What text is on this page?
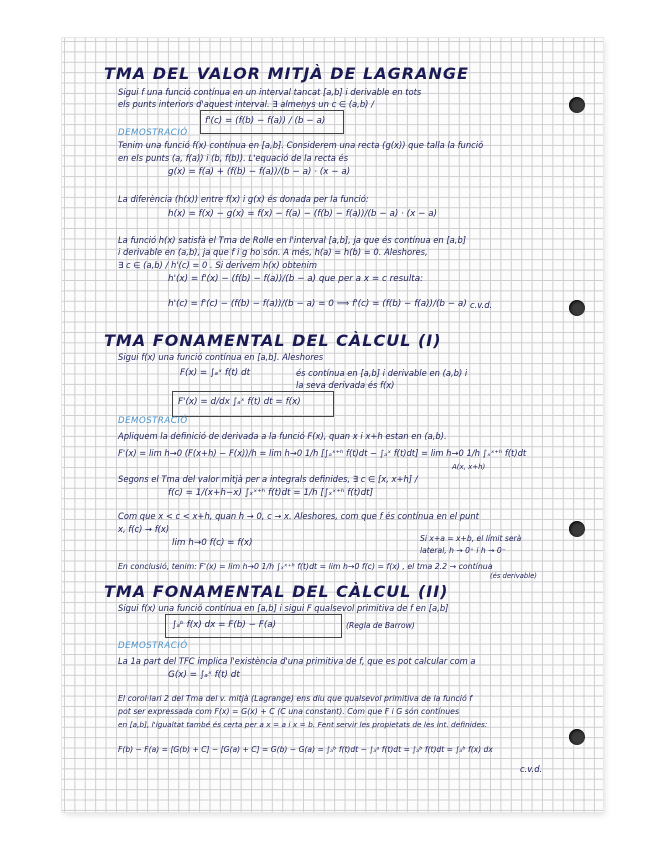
TMA DEL VALOR MITJÀ DE LAGRANGE
Sigui f una funció contínua en un interval tancat [a,b] i derivable en tots
els punts interiors d'aquest interval. ∃ almenys un c ∈ (a,b) /
f'(c) = (f(b) − f(a)) / (b − a)
DEMOSTRACIÓ
Tenim una funció f(x) contínua en [a,b]. Considerem una recta (g(x)) que talla la funció
en els punts (a, f(a)) i (b, f(b)). L'equació de la recta és
g(x) = f(a) + (f(b) − f(a))/(b − a) · (x − a)
La diferència (h(x)) entre f(x) i g(x) és donada per la funció:
h(x) = f(x) − g(x) = f(x) − f(a) − (f(b) − f(a))/(b − a) · (x − a)
La funció h(x) satisfà el Tma de Rolle en l'interval [a,b], ja que és contínua en [a,b]
i derivable en (a,b), ja que f i g ho són. A més, h(a) = h(b) = 0. Aleshores,
∃ c ∈ (a,b) / h'(c) = 0 . Si derivem h(x) obtenim
h'(x) = f'(x) − (f(b) − f(a))/(b − a) que per a x = c resulta:
h'(c) = f'(c) − (f(b) − f(a))/(b − a) = 0 ⟹ f'(c) = (f(b) − f(a))/(b − a) c.v.d.
TMA FONAMENTAL DEL CÀLCUL (I)
Sigui f(x) una funció contínua en [a,b]. Aleshores
F(x) = ∫ₐˣ f(t) dt	és contínua en [a,b] i derivable en (a,b) i
la seva derivada és f(x)
F'(x) = d/dx ∫ₐˣ f(t) dt = f(x)
DEMOSTRACIÓ
Apliquem la definició de derivada a la funció F(x), quan x i x+h estan en (a,b).
F'(x) = lim h→0 (F(x+h) − F(x))/h = lim h→0 1/h [∫ₐˣ⁺ʰ f(t)dt − ∫ₐˣ f(t)dt] = lim h→0 1/h ∫ₓˣ⁺ʰ f(t)dt
A(x, x+h)
Segons el Tma del valor mitjà per a integrals definides, ∃ c ∈ [x, x+h] /
f(c) = 1/(x+h−x) ∫ₓˣ⁺ʰ f(t)dt = 1/h [∫ₓˣ⁺ʰ f(t)dt]
Com que x < c < x+h, quan h → 0, c → x. Aleshores, com que f és contínua en el punt
x, f(c) → f(x)
lim h→0 f(c) = f(x)	Si x+a = x+b, el límit serà
lateral, h → 0⁺ i h → 0⁻
En conclusió, tenim: F'(x) = lim h→0 1/h ∫ₓˣ⁺ʰ f(t)dt = lim h→0 f(c) = f(x) , el tma 2.2 → contínua
(és derivable)
TMA FONAMENTAL DEL CÀLCUL (II)
Sigui f(x) una funció contínua en [a,b] i sigui F qualsevol primitiva de f en [a,b]
∫ₐᵇ f(x) dx = F(b) − F(a)	(Regla de Barrow)
DEMOSTRACIÓ
La 1a part del TFC implica l'existència d'una primitiva de f, que es pot calcular com a
G(x) = ∫ₐˣ f(t) dt
El corol·lari 2 del Tma del v. mitjà (Lagrange) ens diu que qualsevol primitiva de la funció f
pot ser expressada com F(x) = G(x) + C (C una constant). Com que F i G són contínues
en [a,b], l'igualtat també és certa per a x = a i x = b. Fent servir les propietats de les int. definides:
F(b) − F(a) = [G(b) + C] − [G(a) + C] = G(b) − G(a) = ∫ₐᵇ f(t)dt − ∫ₐᵃ f(t)dt = ∫ₐᵇ f(t)dt = ∫ₐᵇ f(x) dx
c.v.d.
